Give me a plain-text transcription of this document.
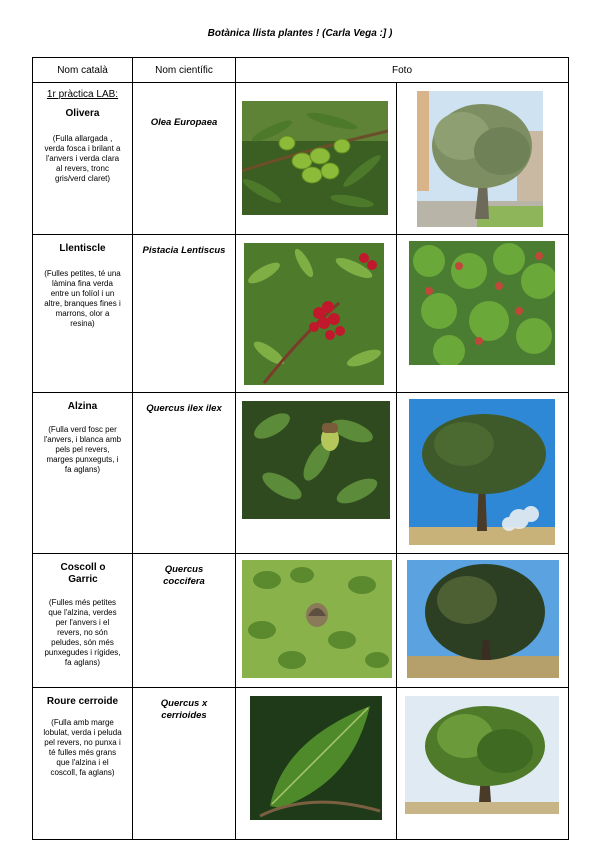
Botànica llista plantes ! (Carla Vega :] )
Nom català	Nom científic	Foto	

1r pràctica LAB:
Olivera
(Fulla allargada , verda fosca i brilant a l'anvers i verda clara al revers, tronc gris/verd claret)	Olea Europaea

Llentiscle
(Fulles petites, té una làmina fina verda entre un folíol i un altre, branques fines i marrons, olor a resina)	Pistacia Lentiscus

Alzina
(Fulla verd fosc per l'anvers, i blanca amb pels pel revers, marges punxeguts, i fa aglans)	Quercus ilex ilex

Coscoll o Garric
(Fulles més petites que l'alzina, verdes per l'anvers i el revers, no són peludes, són més punxegudes i rígides, fa aglans)	Quercus coccifera

Roure cerroide
(Fulla amb marge lobulat, verda i peluda pel revers, no punxa i té fulles més grans que l'alzina i el coscoll, fa aglans)	Quercus x cerrioides
